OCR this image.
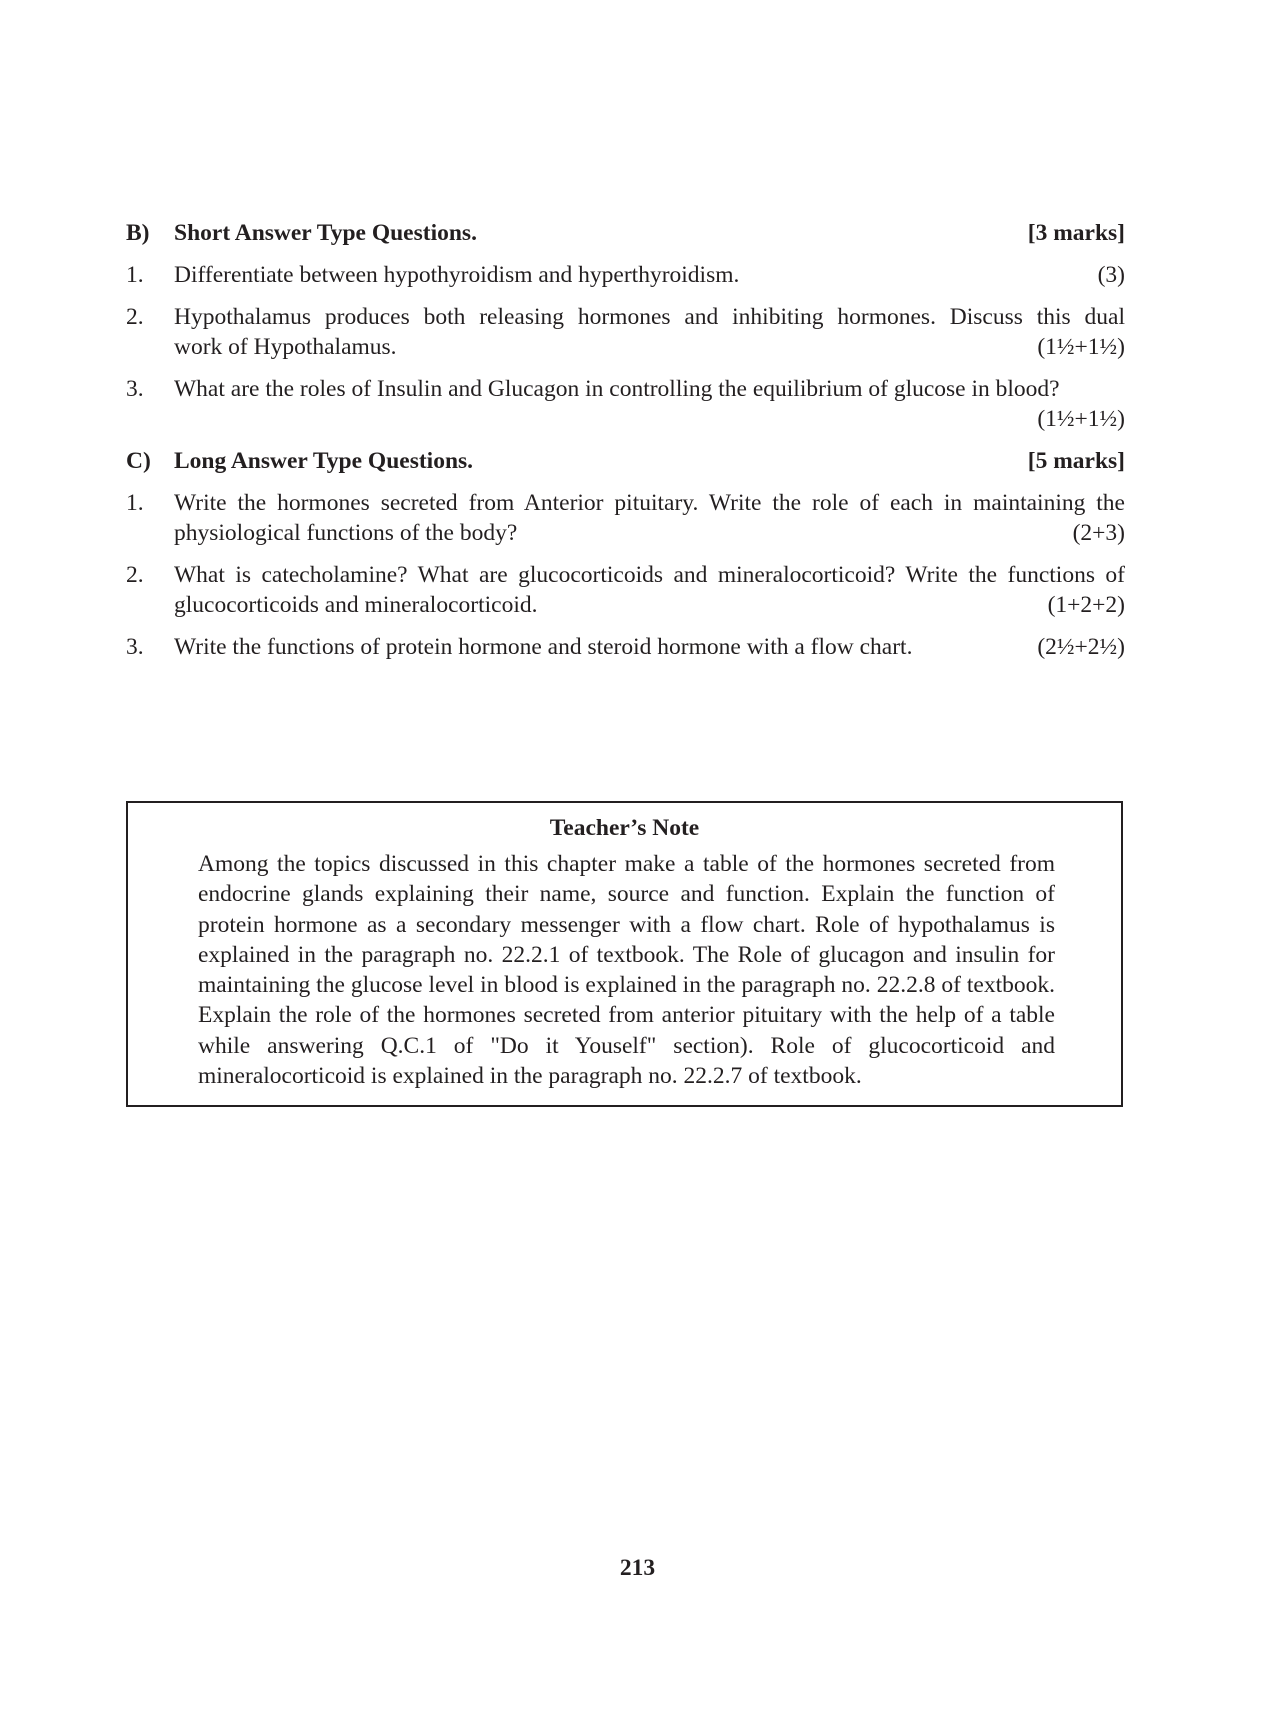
B)	Short Answer Type Questions.	[3 marks]
1.	Differentiate between hypothyroidism and hyperthyroidism.	(3)
2.	Hypothalamus produces both releasing hormones and inhibiting hormones. Discuss this dual
work of Hypothalamus.	(1½+1½)
3.	What are the roles of Insulin and Glucagon in controlling the equilibrium of glucose in blood?
(1½+1½)
C) Long Answer Type Questions.	[5 marks]
1.	Write the hormones secreted from Anterior pituitary. Write the role of each in maintaining the
physiological functions of the body?	(2+3)
2.	What is catecholamine? What are glucocorticoids and mineralocorticoid? Write the functions of
glucocorticoids and mineralocorticoid.	(1+2+2)
3.	Write the functions of protein hormone and steroid hormone with a flow chart.	(2½+2½)
Teacher’s Note
Among the topics discussed in this chapter make a table of the hormones secreted from endocrine glands explaining their name, source and function. Explain the function of protein hormone as a secondary messenger with a flow chart. Role of hypothalamus is explained in the paragraph no. 22.2.1 of textbook. The Role of glucagon and insulin for maintaining the glucose level in blood is explained in the paragraph no. 22.2.8 of textbook. Explain the role of the hormones secreted from anterior pituitary with the help of a table while answering Q.C.1 of "Do it Youself" section). Role of glucocorticoid and mineralocorticoid is explained in the paragraph no. 22.2.7 of textbook.
213
